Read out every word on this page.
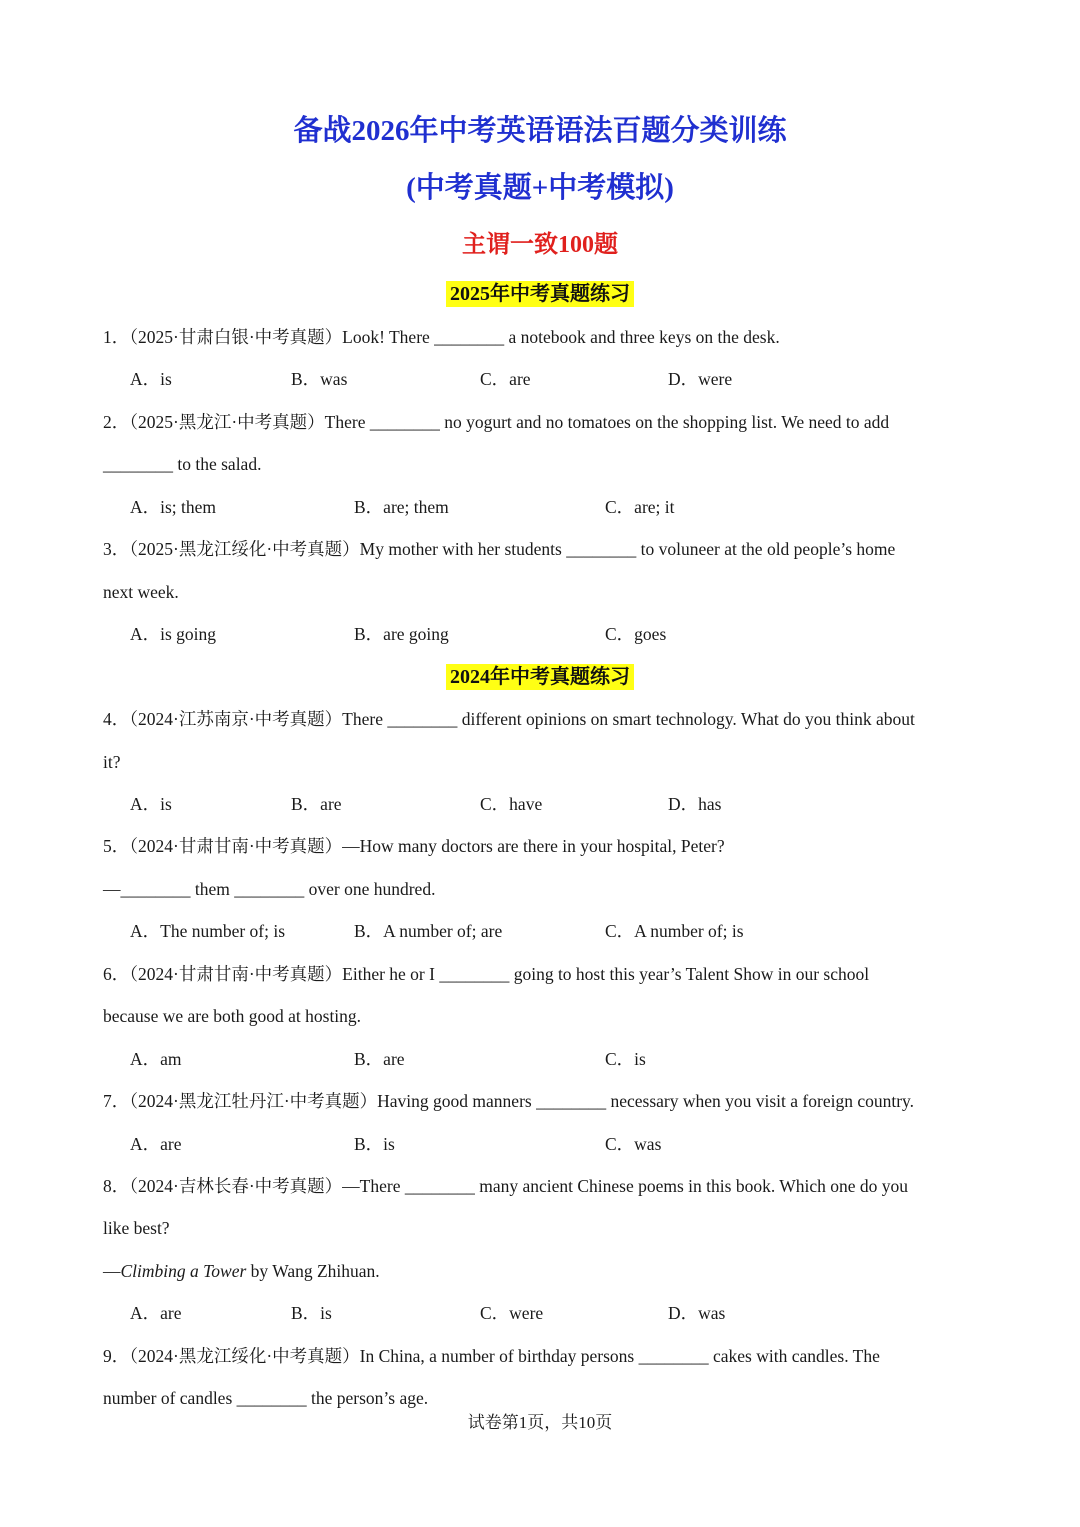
备战2026年中考英语语法百题分类训练
(中考真题+中考模拟)
主谓一致100题
2025年中考真题练习
1．（2025·甘肃白银·中考真题）Look! There ________ a notebook and three keys on the desk.
A．is	B．was	C．are	D．were
2．（2025·黑龙江·中考真题）There ________ no yogurt and no tomatoes on the shopping list. We need to add
________ to the salad.
A．is; them	B．are; them	C．are; it
3．（2025·黑龙江绥化·中考真题）My mother with her students ________ to voluneer at the old people’s home
next week.
A．is going	B．are going	C．goes
2024年中考真题练习
4．（2024·江苏南京·中考真题）There ________ different opinions on smart technology. What do you think about
it?
A．is	B．are	C．have	D．has
5．（2024·甘肃甘南·中考真题）—How many doctors are there in your hospital, Peter?
—________ them ________ over one hundred.
A．The number of; is	B．A number of; are	C．A number of; is
6．（2024·甘肃甘南·中考真题）Either he or I ________ going to host this year’s Talent Show in our school
because we are both good at hosting.
A．am	B．are	C．is
7．（2024·黑龙江牡丹江·中考真题）Having good manners ________ necessary when you visit a foreign country.
A．are	B．is	C．was
8．（2024·吉林长春·中考真题）—There ________ many ancient Chinese poems in this book. Which one do you
like best?
—Climbing a Tower by Wang Zhihuan.
A．are	B．is	C．were	D．was
9．（2024·黑龙江绥化·中考真题）In China, a number of birthday persons ________ cakes with candles. The
number of candles ________ the person’s age.
试卷第1页，共10页
